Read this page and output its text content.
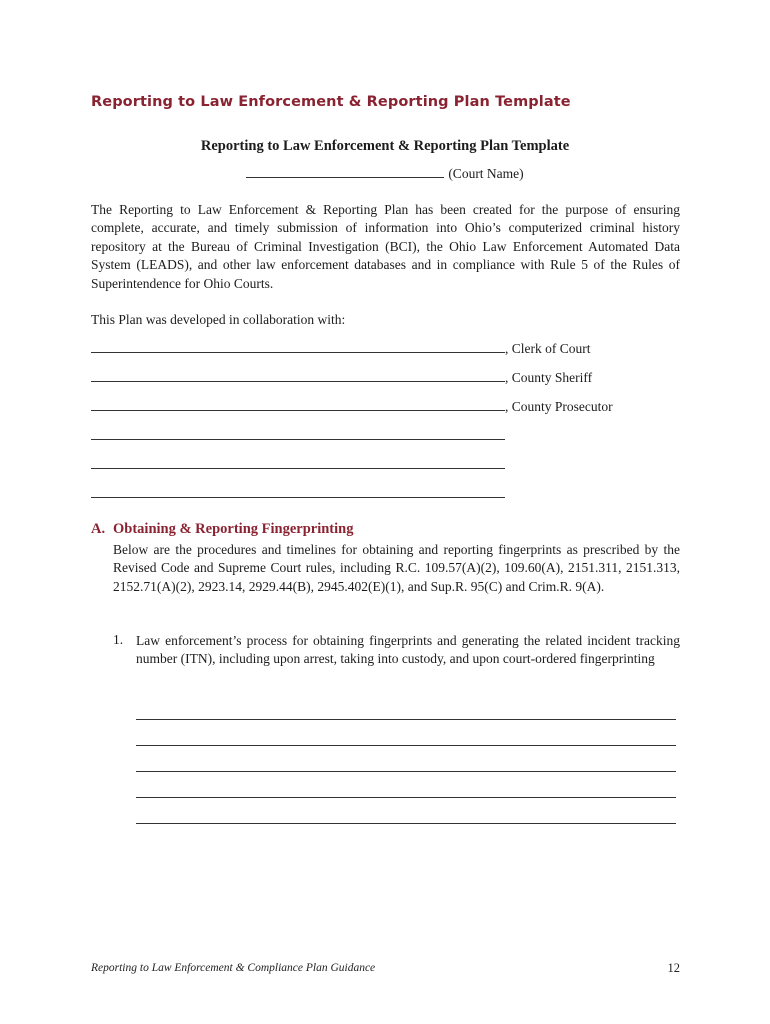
Reporting to Law Enforcement & Reporting Plan Template
Reporting to Law Enforcement & Reporting Plan Template
(Court Name)
The Reporting to Law Enforcement & Reporting Plan has been created for the purpose of ensuring complete, accurate, and timely submission of information into Ohio’s computerized criminal history repository at the Bureau of Criminal Investigation (BCI), the Ohio Law Enforcement Automated Data System (LEADS), and other law enforcement databases and in compliance with Rule 5 of the Rules of Superintendence for Ohio Courts.
This Plan was developed in collaboration with:
, Clerk of Court
, County Sheriff
, County Prosecutor
A. Obtaining & Reporting Fingerprinting
Below are the procedures and timelines for obtaining and reporting fingerprints as prescribed by the Revised Code and Supreme Court rules, including R.C. 109.57(A)(2), 109.60(A), 2151.311, 2151.313, 2152.71(A)(2), 2923.14, 2929.44(B), 2945.402(E)(1), and Sup.R. 95(C) and Crim.R. 9(A).
1. Law enforcement’s process for obtaining fingerprints and generating the related incident tracking number (ITN), including upon arrest, taking into custody, and upon court-ordered fingerprinting
Reporting to Law Enforcement & Compliance Plan Guidance	12
